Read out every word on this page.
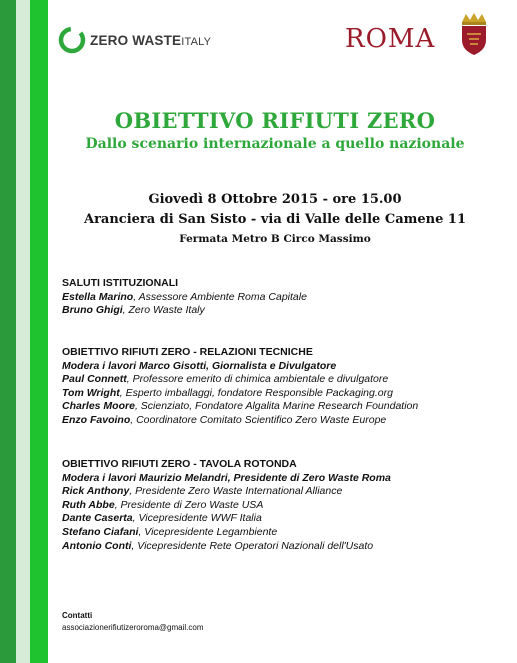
ZERO WASTEITALY	ROMA
OBIETTIVO RIFIUTI ZERO
Dallo scenario internazionale a quello nazionale
Giovedì 8 Ottobre 2015 - ore 15.00
Aranciera di San Sisto - via di Valle delle Camene 11
Fermata Metro B Circo Massimo
SALUTI ISTITUZIONALI
Estella Marino, Assessore Ambiente Roma Capitale
Bruno Ghigi, Zero Waste Italy
OBIETTIVO RIFIUTI ZERO - RELAZIONI TECNICHE
Modera i lavori Marco Gisotti, Giornalista e Divulgatore
Paul Connett, Professore emerito di chimica ambientale e divulgatore
Tom Wright, Esperto imballaggi, fondatore Responsible Packaging.org
Charles Moore, Scienziato, Fondatore Algalita Marine Research Foundation
Enzo Favoino, Coordinatore Comitato Scientifico Zero Waste Europe
OBIETTIVO RIFIUTI ZERO - TAVOLA ROTONDA
Modera i lavori Maurizio Melandri, Presidente di Zero Waste Roma
Rick Anthony, Presidente Zero Waste International Alliance
Ruth Abbe, Presidente di Zero Waste USA
Dante Caserta, Vicepresidente WWF Italia
Stefano Ciafani, Vicepresidente Legambiente
Antonio Conti, Vicepresidente Rete Operatori Nazionali dell'Usato
Contatti
associazionerifiutizeroroma@gmail.com
